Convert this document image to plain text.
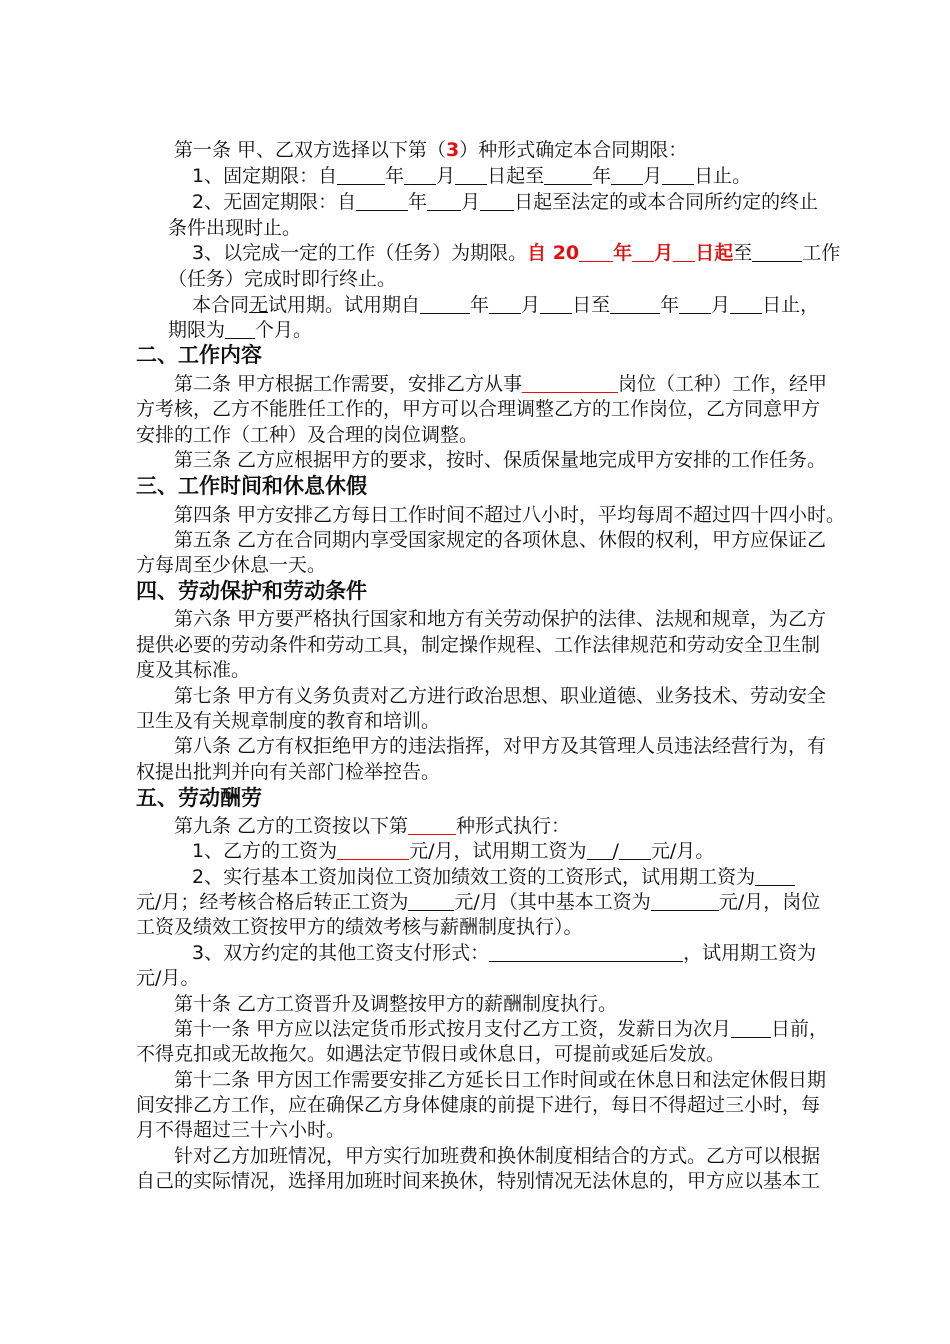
第一条 甲、乙双方选择以下第（3）种形式确定本合同期限：
1、固定期限：自	年 月 日起至	年 月 日止。
2、无固定期限：自	年 月 日起至法定的或本合同所约定的终止
条件出现时止。
3、以完成一定的工作（任务）为期限。自 20 年 月 日起至	工作
（任务）完成时即行终止。
本合同无试用期。试用期自	年 月 日至	年 月 日止，
期限为 个月。
二、工作内容
第二条 甲方根据工作需要，安排乙方从事	岗位（工种）工作，经甲
方考核，乙方不能胜任工作的，甲方可以合理调整乙方的工作岗位，乙方同意甲方
安排的工作（工种）及合理的岗位调整。
第三条 乙方应根据甲方的要求，按时、保质保量地完成甲方安排的工作任务。
三、工作时间和休息休假
第四条 甲方安排乙方每日工作时间不超过八小时，平均每周不超过四十四小时。
第五条 乙方在合同期内享受国家规定的各项休息、休假的权利，甲方应保证乙
方每周至少休息一天。
四、劳动保护和劳动条件
第六条 甲方要严格执行国家和地方有关劳动保护的法律、法规和规章，为乙方
提供必要的劳动条件和劳动工具，制定操作规程、工作法律规范和劳动安全卫生制
度及其标准。
第七条 甲方有义务负责对乙方进行政治思想、职业道德、业务技术、劳动安全
卫生及有关规章制度的教育和培训。
第八条 乙方有权拒绝甲方的违法指挥，对甲方及其管理人员违法经营行为，有
权提出批判并向有关部门检举控告。
五、劳动酬劳
第九条 乙方的工资按以下第	种形式执行：
1、乙方的工资为	元/月，试用期工资为 / 元/月。
2、实行基本工资加岗位工资加绩效工资的工资形式，试用期工资为
元/月；经考核合格后转正工资为 元/月（其中基本工资为	元/月，岗位
工资及绩效工资按甲方的绩效考核与薪酬制度执行）。
3、双方约定的其他工资支付形式：	，试用期工资为
元/月。
第十条 乙方工资晋升及调整按甲方的薪酬制度执行。
第十一条 甲方应以法定货币形式按月支付乙方工资，发薪日为次月 日前，
不得克扣或无故拖欠。如遇法定节假日或休息日，可提前或延后发放。
第十二条 甲方因工作需要安排乙方延长日工作时间或在休息日和法定休假日期
间安排乙方工作，应在确保乙方身体健康的前提下进行，每日不得超过三小时，每
月不得超过三十六小时。
针对乙方加班情况，甲方实行加班费和换休制度相结合的方式。乙方可以根据
自己的实际情况，选择用加班时间来换休，特别情况无法休息的，甲方应以基本工
